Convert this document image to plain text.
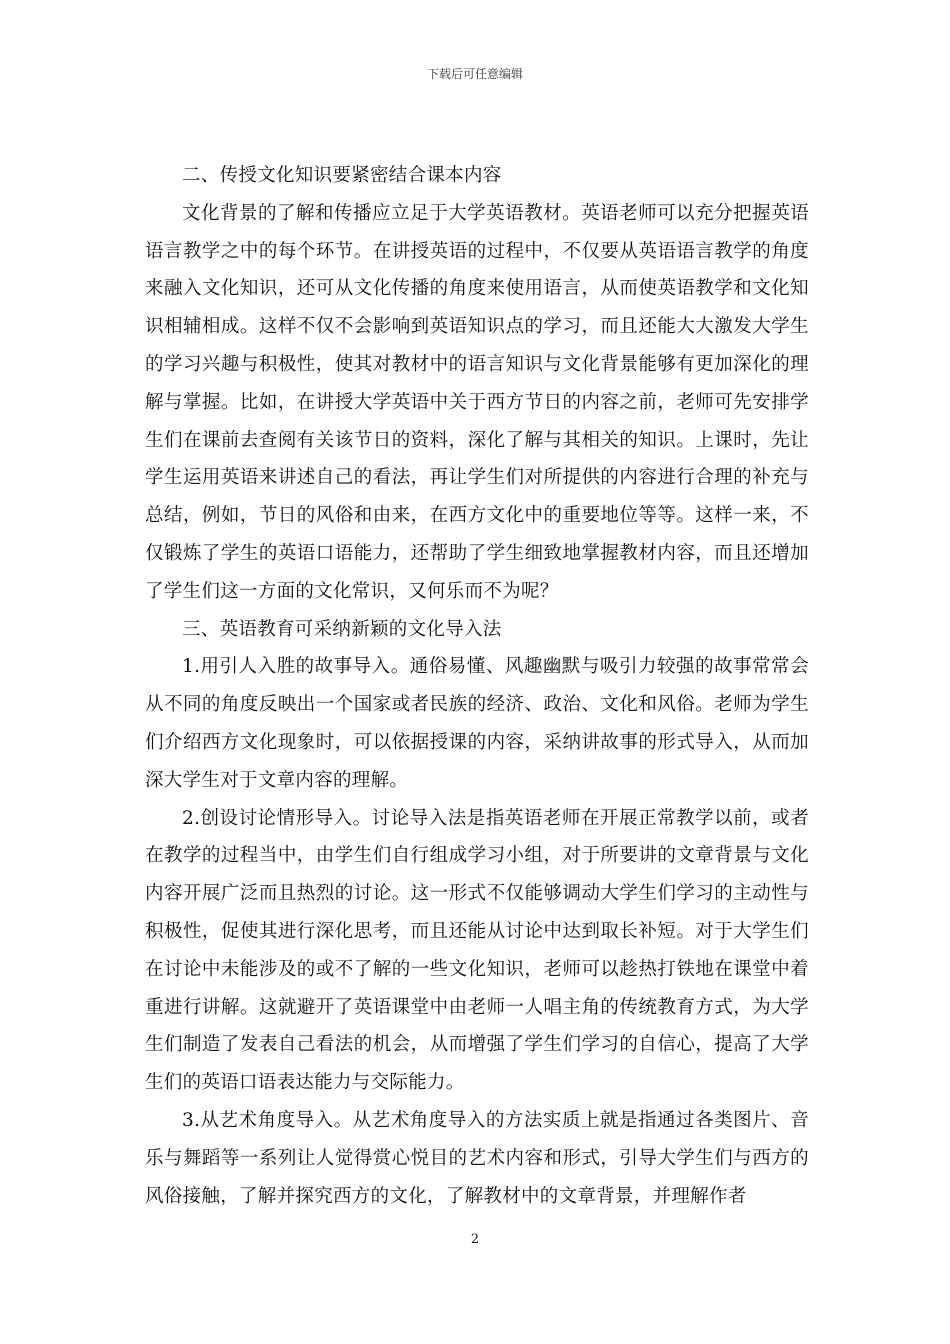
下载后可任意编辑

二、传授文化知识要紧密结合课本内容

文化背景的了解和传播应立足于大学英语教材。英语老师可以充分把握英语语言教学之中的每个环节。在讲授英语的过程中，不仅要从英语语言教学的角度来融入文化知识，还可从文化传播的角度来使用语言，从而使英语教学和文化知识相辅相成。这样不仅不会影响到英语知识点的学习，而且还能大大激发大学生的学习兴趣与积极性，使其对教材中的语言知识与文化背景能够有更加深化的理解与掌握。比如，在讲授大学英语中关于西方节日的内容之前，老师可先安排学生们在课前去查阅有关该节日的资料，深化了解与其相关的知识。上课时，先让学生运用英语来讲述自己的看法，再让学生们对所提供的内容进行合理的补充与总结，例如，节日的风俗和由来，在西方文化中的重要地位等等。这样一来，不仅锻炼了学生的英语口语能力，还帮助了学生细致地掌握教材内容，而且还增加了学生们这一方面的文化常识，又何乐而不为呢？

三、英语教育可采纳新颖的文化导入法

1.用引人入胜的故事导入。通俗易懂、风趣幽默与吸引力较强的故事常常会从不同的角度反映出一个国家或者民族的经济、政治、文化和风俗。老师为学生们介绍西方文化现象时，可以依据授课的内容，采纳讲故事的形式导入，从而加深大学生对于文章内容的理解。

2.创设讨论情形导入。讨论导入法是指英语老师在开展正常教学以前，或者在教学的过程当中，由学生们自行组成学习小组，对于所要讲的文章背景与文化内容开展广泛而且热烈的讨论。这一形式不仅能够调动大学生们学习的主动性与积极性，促使其进行深化思考，而且还能从讨论中达到取长补短。对于大学生们在讨论中未能涉及的或不了解的一些文化知识，老师可以趁热打铁地在课堂中着重进行讲解。这就避开了英语课堂中由老师一人唱主角的传统教育方式，为大学生们制造了发表自己看法的机会，从而增强了学生们学习的自信心，提高了大学生们的英语口语表达能力与交际能力。

3.从艺术角度导入。从艺术角度导入的方法实质上就是指通过各类图片、音乐与舞蹈等一系列让人觉得赏心悦目的艺术内容和形式，引导大学生们与西方的风俗接触，了解并探究西方的文化，了解教材中的文章背景，并理解作者

2
